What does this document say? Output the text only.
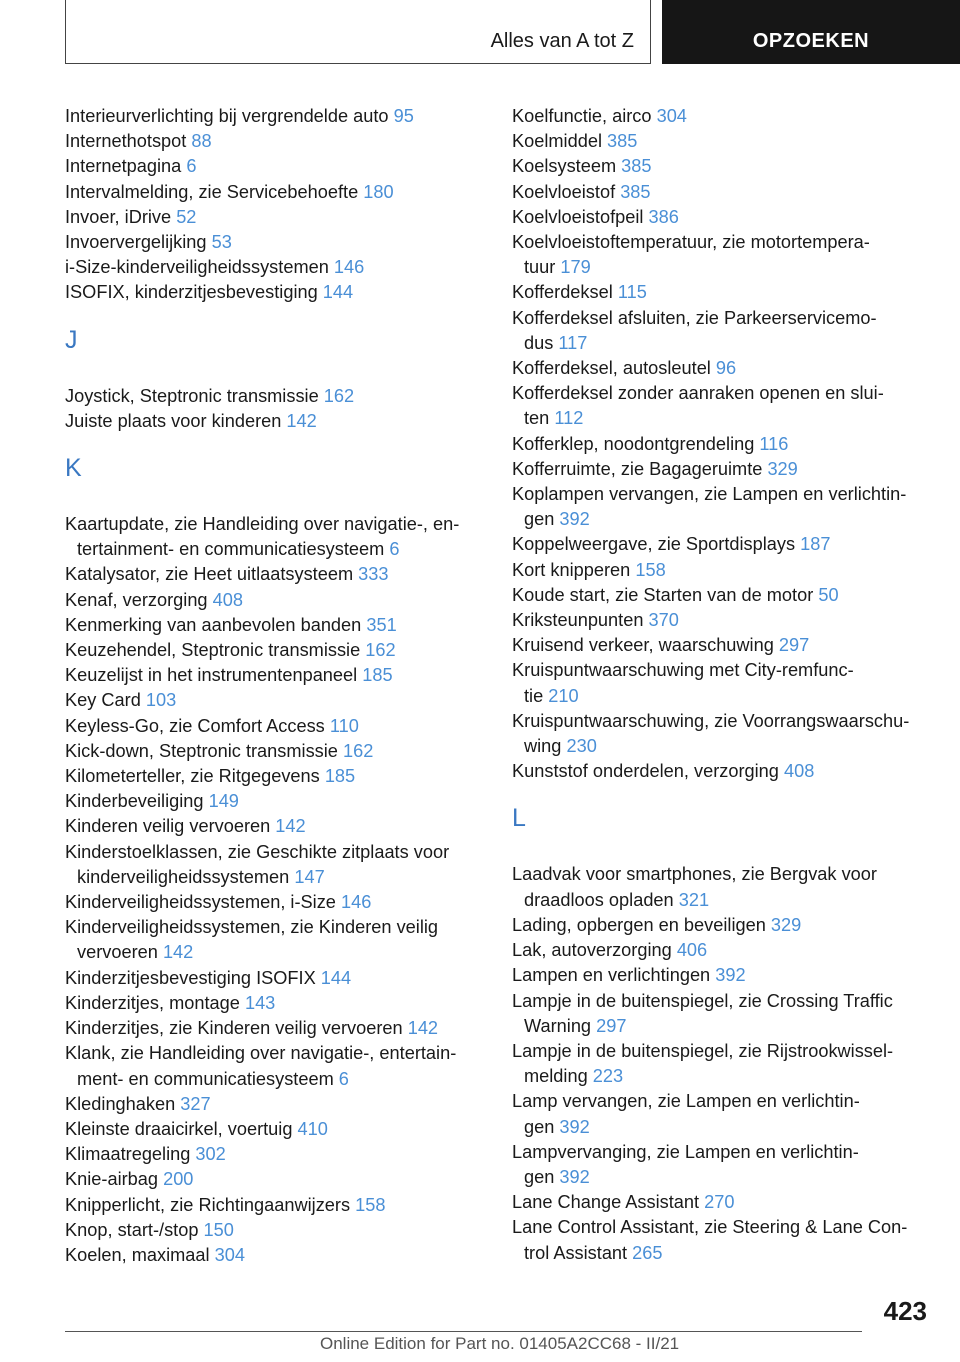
Alles van A tot Z	OPZOEKEN
Interieurverlichting bij vergrendelde auto 95
Internethotspot 88
Internetpagina 6
Intervalmelding, zie Servicebehoefte 180
Invoer, iDrive 52
Invoervergelijking 53
i-Size-kinderveiligheidssystemen 146
ISOFIX, kinderzitjesbevestiging 144
J
Joystick, Steptronic transmissie 162
Juiste plaats voor kinderen 142
K
Kaartupdate, zie Handleiding over navigatie-, en-
tertainment- en communicatiesysteem 6
Katalysator, zie Heet uitlaatsysteem 333
Kenaf, verzorging 408
Kenmerking van aanbevolen banden 351
Keuzehendel, Steptronic transmissie 162
Keuzelijst in het instrumentenpaneel 185
Key Card 103
Keyless-Go, zie Comfort Access 110
Kick-down, Steptronic transmissie 162
Kilometerteller, zie Ritgegevens 185
Kinderbeveiliging 149
Kinderen veilig vervoeren 142
Kinderstoelklassen, zie Geschikte zitplaats voor
kinderveiligheidssystemen 147
Kinderveiligheidssystemen, i-Size 146
Kinderveiligheidssystemen, zie Kinderen veilig
vervoeren 142
Kinderzitjesbevestiging ISOFIX 144
Kinderzitjes, montage 143
Kinderzitjes, zie Kinderen veilig vervoeren 142
Klank, zie Handleiding over navigatie-, entertain-
ment- en communicatiesysteem 6
Kledinghaken 327
Kleinste draaicirkel, voertuig 410
Klimaatregeling 302
Knie-airbag 200
Knipperlicht, zie Richtingaanwijzers 158
Knop, start-/stop 150
Koelen, maximaal 304
Koelfunctie, airco 304
Koelmiddel 385
Koelsysteem 385
Koelvloeistof 385
Koelvloeistofpeil 386
Koelvloeistoftemperatuur, zie motortempera-
tuur 179
Kofferdeksel 115
Kofferdeksel afsluiten, zie Parkeerservicemo-
dus 117
Kofferdeksel, autosleutel 96
Kofferdeksel zonder aanraken openen en slui-
ten 112
Kofferklep, noodontgrendeling 116
Kofferruimte, zie Bagageruimte 329
Koplampen vervangen, zie Lampen en verlichtin-
gen 392
Koppelweergave, zie Sportdisplays 187
Kort knipperen 158
Koude start, zie Starten van de motor 50
Kriksteunpunten 370
Kruisend verkeer, waarschuwing 297
Kruispuntwaarschuwing met City-remfunc-
tie 210
Kruispuntwaarschuwing, zie Voorrangswaarschu-
wing 230
Kunststof onderdelen, verzorging 408
L
Laadvak voor smartphones, zie Bergvak voor
draadloos opladen 321
Lading, opbergen en beveiligen 329
Lak, autoverzorging 406
Lampen en verlichtingen 392
Lampje in de buitenspiegel, zie Crossing Traffic
Warning 297
Lampje in de buitenspiegel, zie Rijstrookwissel-
melding 223
Lamp vervangen, zie Lampen en verlichtin-
gen 392
Lampvervanging, zie Lampen en verlichtin-
gen 392
Lane Change Assistant 270
Lane Control Assistant, zie Steering & Lane Con-
trol Assistant 265
423
Online Edition for Part no. 01405A2CC68 - II/21
